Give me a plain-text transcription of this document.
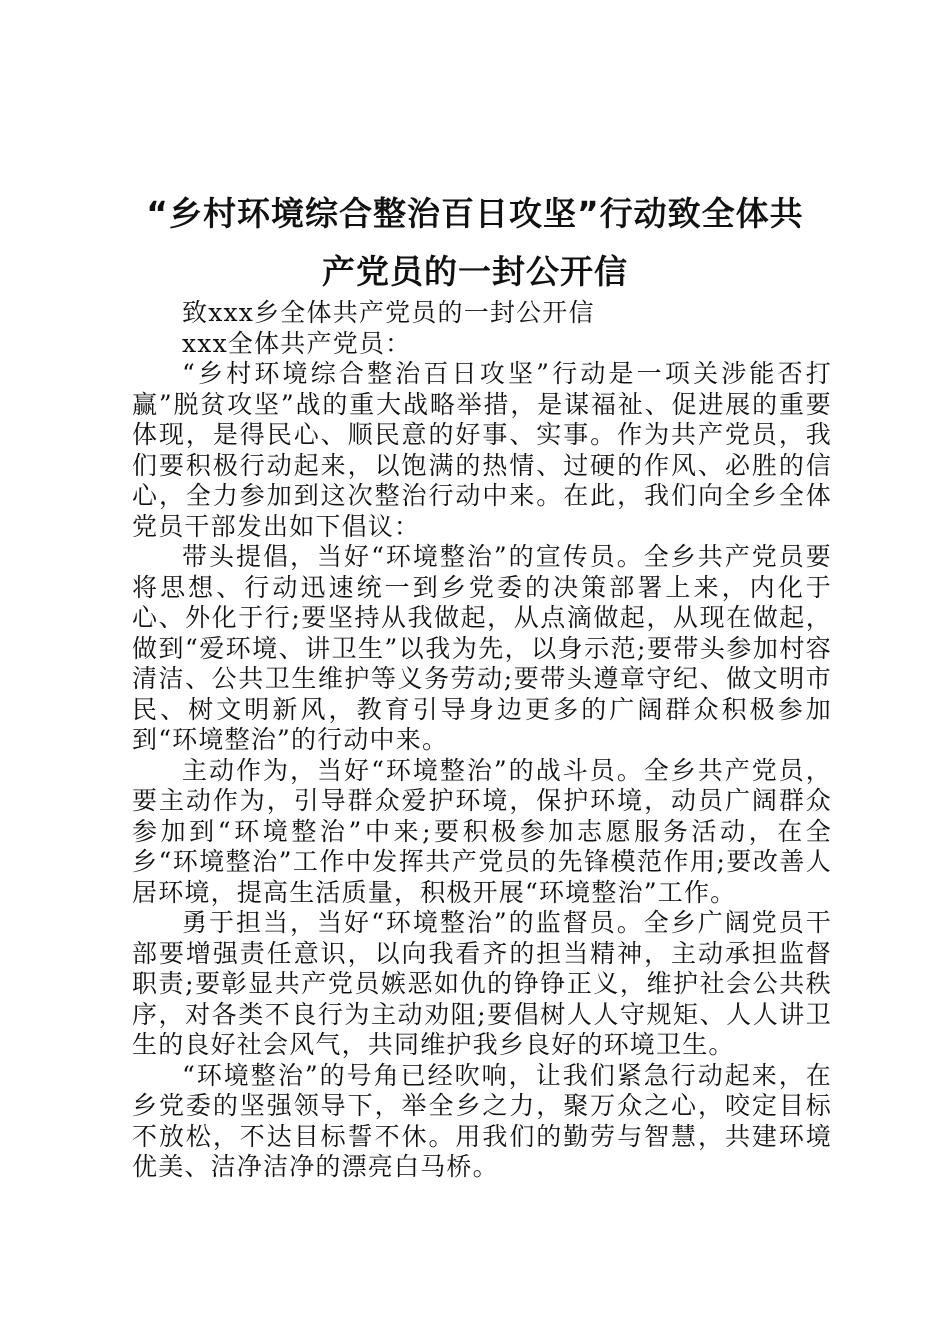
“乡村环境综合整治百日攻坚”行动致全体共
产党员的一封公开信

致xxx乡全体共产党员的一封公开信

xxx全体共产党员：

“乡村环境综合整治百日攻坚”行动是一项关涉能否打赢”脱贫攻坚”战的重大战略举措，是谋福祉、促进展的重要体现，是得民心、顺民意的好事、实事。作为共产党员，我们要积极行动起来，以饱满的热情、过硬的作风、必胜的信心，全力参加到这次整治行动中来。在此，我们向全乡全体党员干部发出如下倡议：

带头提倡，当好“环境整治”的宣传员。全乡共产党员要将思想、行动迅速统一到乡党委的决策部署上来，内化于心、外化于行;要坚持从我做起，从点滴做起，从现在做起，做到“爱环境、讲卫生”以我为先，以身示范;要带头参加村容清洁、公共卫生维护等义务劳动;要带头遵章守纪、做文明市民、树文明新风，教育引导身边更多的广阔群众积极参加到“环境整治”的行动中来。

主动作为，当好“环境整治”的战斗员。全乡共产党员，要主动作为，引导群众爱护环境，保护环境，动员广阔群众参加到“环境整治”中来;要积极参加志愿服务活动，在全乡“环境整治”工作中发挥共产党员的先锋模范作用;要改善人居环境，提高生活质量，积极开展“环境整治”工作。

勇于担当，当好“环境整治”的监督员。全乡广阔党员干部要增强责任意识，以向我看齐的担当精神，主动承担监督职责;要彰显共产党员嫉恶如仇的铮铮正义，维护社会公共秩序，对各类不良行为主动劝阻;要倡树人人守规矩、人人讲卫生的良好社会风气，共同维护我乡良好的环境卫生。

“环境整治”的号角已经吹响，让我们紧急行动起来，在乡党委的坚强领导下，举全乡之力，聚万众之心，咬定目标不放松，不达目标誓不休。用我们的勤劳与智慧，共建环境优美、洁净洁净的漂亮白马桥。
